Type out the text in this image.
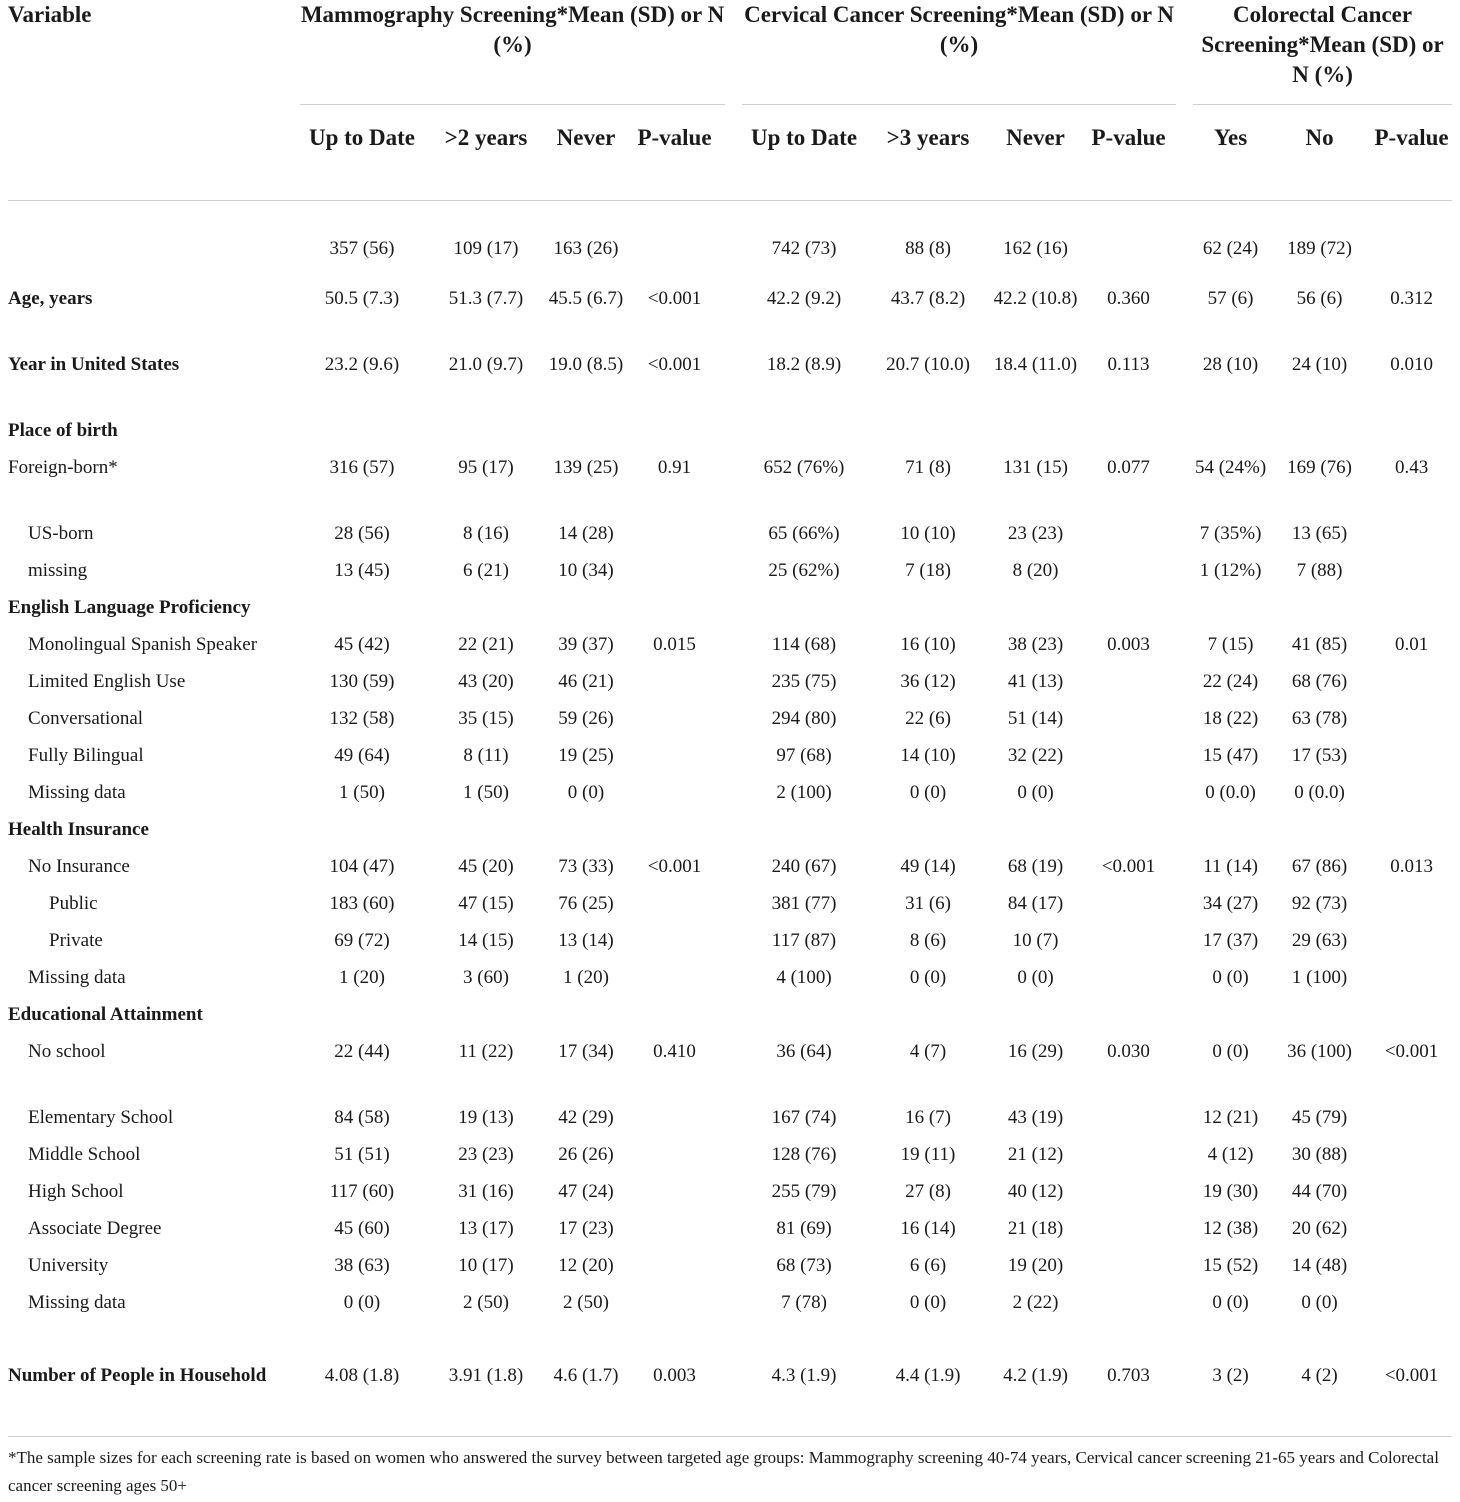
Variable	Mammography Screening*Mean (SD) or N (%)					Cervical Cancer Screening*Mean (SD) or N (%)					Colorectal Cancer Screening*Mean (SD) or N (%)		

	Up to Date	>2 years	Never	P-value		Up to Date	>3 years	Never	P-value		Yes	No	P-value
	357 (56)	109 (17)	163 (26)			742 (73)	88 (8)	162 (16)			62 (24)	189 (72)	
Age, years	50.5 (7.3)	51.3 (7.7)	45.5 (6.7)	<0.001		42.2 (9.2)	43.7 (8.2)	42.2 (10.8)	0.360		57 (6)	56 (6)	0.312
Year in United States	23.2 (9.6)	21.0 (9.7)	19.0 (8.5)	<0.001		18.2 (8.9)	20.7 (10.0)	18.4 (11.0)	0.113		28 (10)	24 (10)	0.010
Place of birth													
Foreign-born*	316 (57)	95 (17)	139 (25)	0.91		652 (76%)	71 (8)	131 (15)	0.077		54 (24%)	169 (76)	0.43
US-born	28 (56)	8 (16)	14 (28)			65 (66%)	10 (10)	23 (23)			7 (35%)	13 (65)	
missing	13 (45)	6 (21)	10 (34)			25 (62%)	7 (18)	8 (20)			1 (12%)	7 (88)	
English Language Proficiency													
Monolingual Spanish Speaker	45 (42)	22 (21)	39 (37)	0.015		114 (68)	16 (10)	38 (23)	0.003		7 (15)	41 (85)	0.01
Limited English Use	130 (59)	43 (20)	46 (21)			235 (75)	36 (12)	41 (13)			22 (24)	68 (76)	
Conversational	132 (58)	35 (15)	59 (26)			294 (80)	22 (6)	51 (14)			18 (22)	63 (78)	
Fully Bilingual	49 (64)	8 (11)	19 (25)			97 (68)	14 (10)	32 (22)			15 (47)	17 (53)	
Missing data	1 (50)	1 (50)	0 (0)			2 (100)	0 (0)	0 (0)			0 (0.0)	0 (0.0)	
Health Insurance													
No Insurance	104 (47)	45 (20)	73 (33)	<0.001		240 (67)	49 (14)	68 (19)	<0.001		11 (14)	67 (86)	0.013
Public	183 (60)	47 (15)	76 (25)			381 (77)	31 (6)	84 (17)			34 (27)	92 (73)	
Private	69 (72)	14 (15)	13 (14)			117 (87)	8 (6)	10 (7)			17 (37)	29 (63)	
Missing data	1 (20)	3 (60)	1 (20)			4 (100)	0 (0)	0 (0)			0 (0)	1 (100)	
Educational Attainment													
No school	22 (44)	11 (22)	17 (34)	0.410		36 (64)	4 (7)	16 (29)	0.030		0 (0)	36 (100)	<0.001
Elementary School	84 (58)	19 (13)	42 (29)			167 (74)	16 (7)	43 (19)			12 (21)	45 (79)	
Middle School	51 (51)	23 (23)	26 (26)			128 (76)	19 (11)	21 (12)			4 (12)	30 (88)	
High School	117 (60)	31 (16)	47 (24)			255 (79)	27 (8)	40 (12)			19 (30)	44 (70)	
Associate Degree	45 (60)	13 (17)	17 (23)			81 (69)	16 (14)	21 (18)			12 (38)	20 (62)	
University	38 (63)	10 (17)	12 (20)			68 (73)	6 (6)	19 (20)			15 (52)	14 (48)	
Missing data	0 (0)	2 (50)	2 (50)			7 (78)	0 (0)	2 (22)			0 (0)	0 (0)	
Number of People in Household	4.08 (1.8)	3.91 (1.8)	4.6 (1.7)	0.003		4.3 (1.9)	4.4 (1.9)	4.2 (1.9)	0.703		3 (2)	4 (2)	<0.001
*The sample sizes for each screening rate is based on women who answered the survey between targeted age groups: Mammography screening 40-74 years, Cervical cancer screening 21-65 years and Colorectal cancer screening ages 50+
